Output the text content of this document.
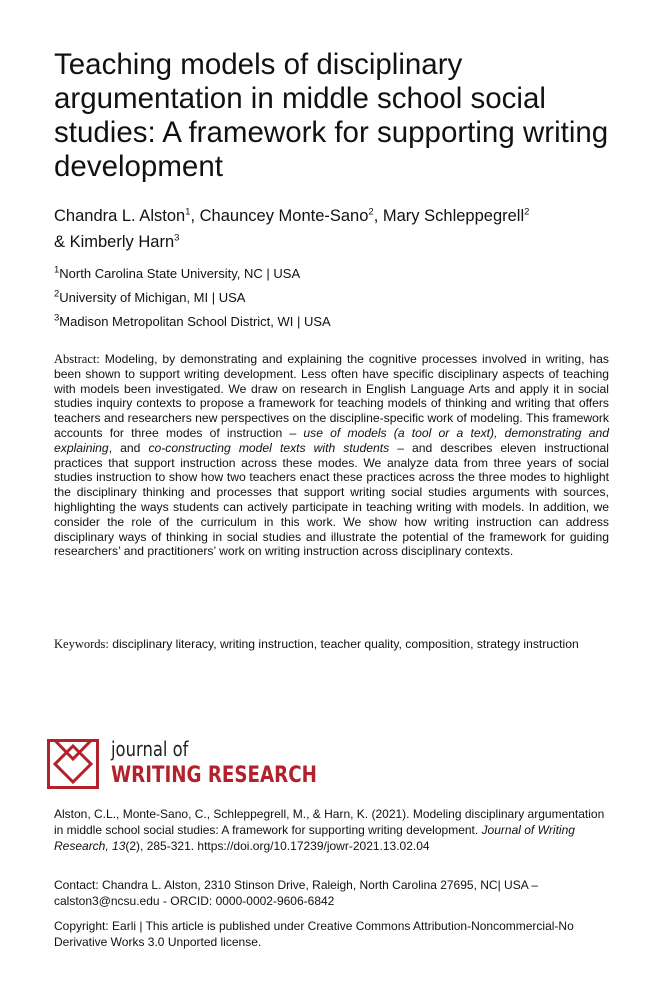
Teaching models of disciplinary argumentation in middle school social studies: A framework for supporting writing development

Chandra L. Alston$^1$, Chauncey Monte-Sano$^2$, Mary Schleppegrell$^2$
& Kimberly Harn$^3$

$^1$North Carolina State University, NC | USA

$^2$University of Michigan, MI | USA

$^3$Madison Metropolitan School District, WI | USA

Abstract: Modeling, by demonstrating and explaining the cognitive processes involved in writing, has been shown to support writing development. Less often have specific disciplinary aspects of teaching with models been investigated. We draw on research in English Language Arts and apply it in social studies inquiry contexts to propose a framework for teaching models of thinking and writing that offers teachers and researchers new perspectives on the discipline-specific work of modeling. This framework accounts for three modes of instruction – use of models (a tool or a text), demonstrating and explaining, and co-constructing model texts with students – and describes eleven instructional practices that support instruction across these modes. We analyze data from three years of social studies instruction to show how two teachers enact these practices across the three modes to highlight the disciplinary thinking and processes that support writing social studies arguments with sources, highlighting the ways students can actively participate in teaching writing with models. In addition, we consider the role of the curriculum in this work. We show how writing instruction can address disciplinary ways of thinking in social studies and illustrate the potential of the framework for guiding researchers’ and practitioners’ work on writing instruction across disciplinary contexts.

Keywords: disciplinary literacy, writing instruction, teacher quality, composition, strategy instruction

journal of
WRITING RESEARCH

Alston, C.L., Monte-Sano, C., Schleppegrell, M., & Harn, K. (2021). Modeling disciplinary argumentation in middle school social studies: A framework for supporting writing development. Journal of Writing Research, 13(2), 285-321. https://doi.org/10.17239/jowr-2021.13.02.04

Contact: Chandra L. Alston, 2310 Stinson Drive, Raleigh, North Carolina 27695, NC| USA – calston3@ncsu.edu - ORCID: 0000-0002-9606-6842

Copyright: Earli | This article is published under Creative Commons Attribution-Noncommercial-No Derivative Works 3.0 Unported license.
